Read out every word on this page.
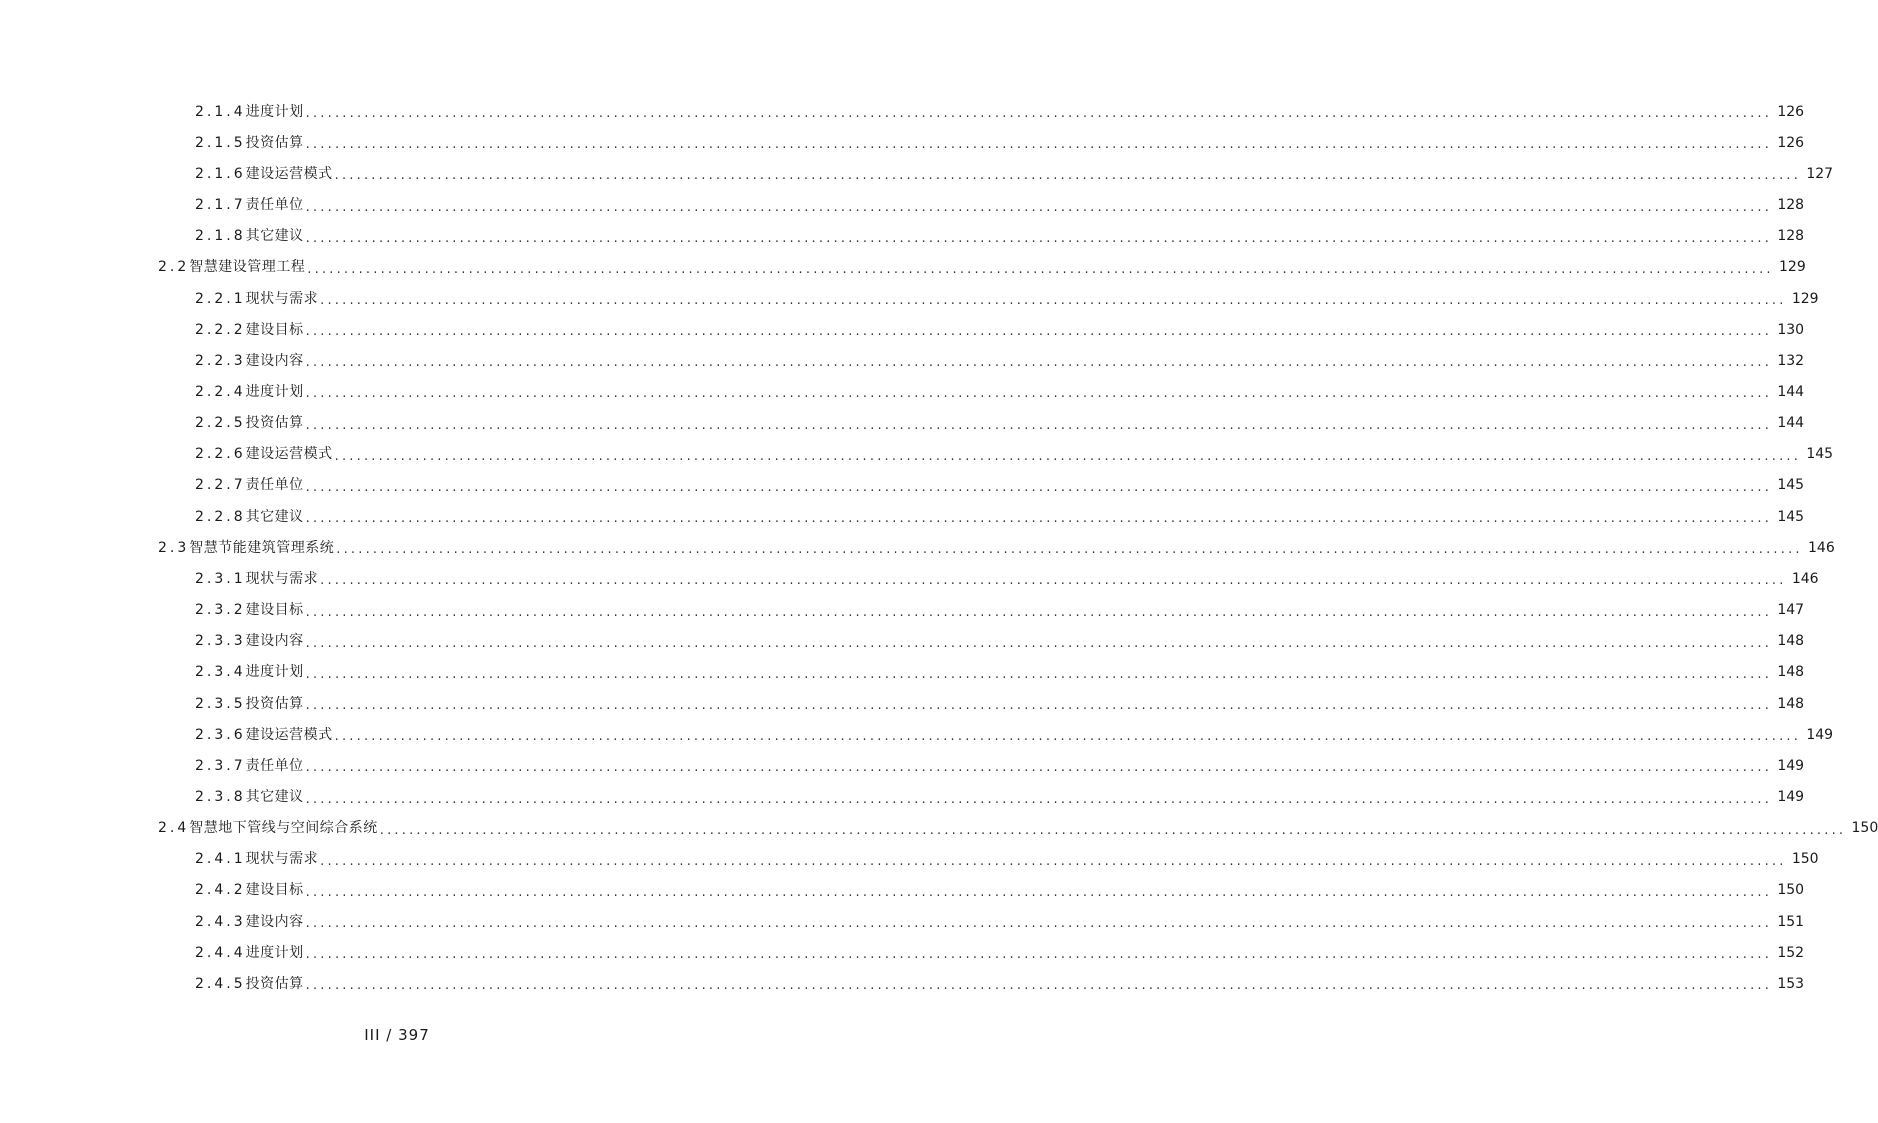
2.1.4进度计划 ........................................................................................................................................................................................................ 126
2.1.5投资估算 ........................................................................................................................................................................................................ 126
2.1.6建设运营模式 ........................................................................................................................................................................................................ 127
2.1.7责任单位 ........................................................................................................................................................................................................ 128
2.1.8其它建议 ........................................................................................................................................................................................................ 128
2.2智慧建设管理工程 ........................................................................................................................................................................................................ 129
2.2.1现状与需求 ........................................................................................................................................................................................................ 129
2.2.2建设目标 ........................................................................................................................................................................................................ 130
2.2.3建设内容 ........................................................................................................................................................................................................ 132
2.2.4进度计划 ........................................................................................................................................................................................................ 144
2.2.5投资估算 ........................................................................................................................................................................................................ 144
2.2.6建设运营模式 ........................................................................................................................................................................................................ 145
2.2.7责任单位 ........................................................................................................................................................................................................ 145
2.2.8其它建议 ........................................................................................................................................................................................................ 145
2.3智慧节能建筑管理系统 ........................................................................................................................................................................................................ 146
2.3.1现状与需求 ........................................................................................................................................................................................................ 146
2.3.2建设目标 ........................................................................................................................................................................................................ 147
2.3.3建设内容 ........................................................................................................................................................................................................ 148
2.3.4进度计划 ........................................................................................................................................................................................................ 148
2.3.5投资估算 ........................................................................................................................................................................................................ 148
2.3.6建设运营模式 ........................................................................................................................................................................................................ 149
2.3.7责任单位 ........................................................................................................................................................................................................ 149
2.3.8其它建议 ........................................................................................................................................................................................................ 149
2.4智慧地下管线与空间综合系统 ........................................................................................................................................................................................................ 150
2.4.1现状与需求 ........................................................................................................................................................................................................ 150
2.4.2建设目标 ........................................................................................................................................................................................................ 150
2.4.3建设内容 ........................................................................................................................................................................................................ 151
2.4.4进度计划 ........................................................................................................................................................................................................ 152
2.4.5投资估算 ........................................................................................................................................................................................................ 153
III / 397
